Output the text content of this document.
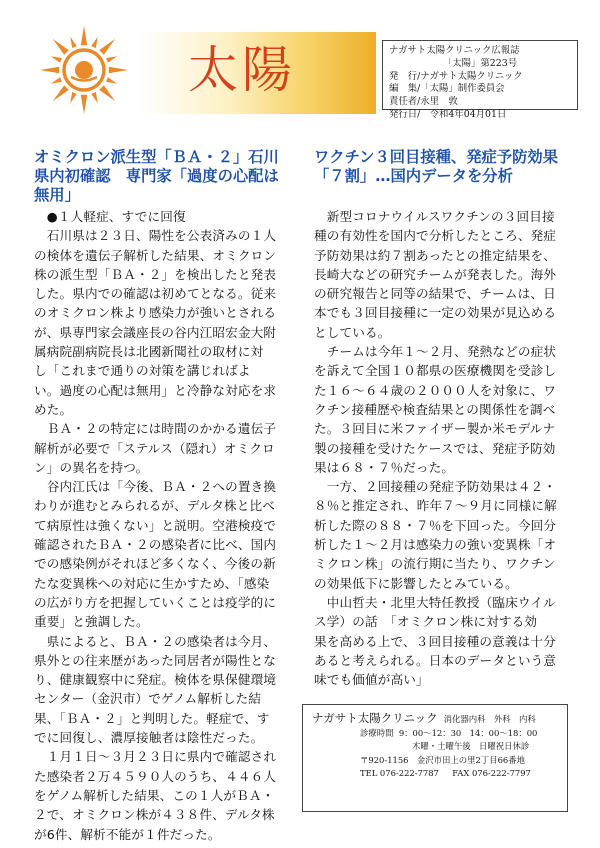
太陽	ナガサト太陽クリニック広報誌
「太陽」第223号
発　行/ナガサト太陽クリニック
編　集/「太陽」制作委員会
責任者/永里　敦
発行日/　令和4年04月01日
オミクロン派生型「ＢＡ・２」石川
県内初確認　専門家「過度の心配は
無用」
　●１人軽症、すでに回復
　石川県は２３日、陽性を公表済みの１人
の検体を遺伝子解析した結果、オミクロン
株の派生型「ＢＡ・２」を検出したと発表
した。県内での確認は初めてとなる。従来
のオミクロン株より感染力が強いとされる
が、県専門家会議座長の谷内江昭宏金大附
属病院副病院長は北國新聞社の取材に対
し「これまで通りの対策を講じればよ
い。過度の心配は無用」と冷静な対応を求
めた。
　ＢＡ・２の特定には時間のかかる遺伝子
解析が必要で「ステルス（隠れ）オミクロ
ン」の異名を持つ。
　谷内江氏は「今後、ＢＡ・２への置き換
わりが進むとみられるが、デルタ株と比べ
て病原性は強くない」と説明。空港検疫で
確認されたＢＡ・２の感染者に比べ、国内
での感染例がそれほど多くなく、今後の新
たな変異株への対応に生かすため、「感染
の広がり方を把握していくことは疫学的に
重要」と強調した。
　県によると、ＢＡ・２の感染者は今月、
県外との往来歴があった同居者が陽性とな
り、健康観察中に発症。検体を県保健環境
センター（金沢市）でゲノム解析した結
果、「ＢＡ・２」と判明した。軽症で、す
でに回復し、濃厚接触者は陰性だった。
　１月１日～３月２３日に県内で確認され
た感染者２万４５９０人のうち、４４６人
をゲノム解析した結果、この１人がＢＡ・
２で、オミクロン株が４３８件、デルタ株
が6件、解析不能が１件だった。
ワクチン３回目接種、発症予防効果
「７割」…国内データを分析
　新型コロナウイルスワクチンの３回目接
種の有効性を国内で分析したところ、発症
予防効果は約７割あったとの推定結果を、
長崎大などの研究チームが発表した。海外
の研究報告と同等の結果で、チームは、日
本でも３回目接種に一定の効果が見込める
としている。
　チームは今年１～２月、発熱などの症状
を訴えて全国１０都県の医療機関を受診し
た１６～６４歳の２０００人を対象に、ワ
クチン接種歴や検査結果との関係性を調べ
た。３回目に米ファイザー製か米モデルナ
製の接種を受けたケースでは、発症予防効
果は６８・７％だった。
　一方、２回接種の発症予防効果は４２・
８％と推定され、昨年７～９月に同様に解
析した際の８８・７％を下回った。今回分
析した１～２月は感染力の強い変異株「オ
ミクロン株」の流行期に当たり、ワクチン
の効果低下に影響したとみている。
　中山哲夫・北里大特任教授（臨床ウイル
ス学）の話　「オミクロン株に対する効
果を高める上で、３回目接種の意義は十分
あると考えられる。日本のデータという意
味でも価値が高い」
ナガサト太陽クリニック 消化器内科　外科　内科
診療時間 9：00～12：30　14：00～18：00
木曜・土曜午後　日曜祝日休診
〒920-1156　金沢市田上の里2丁目66番地
TEL 076-222-7787 FAX 076-222-7797
